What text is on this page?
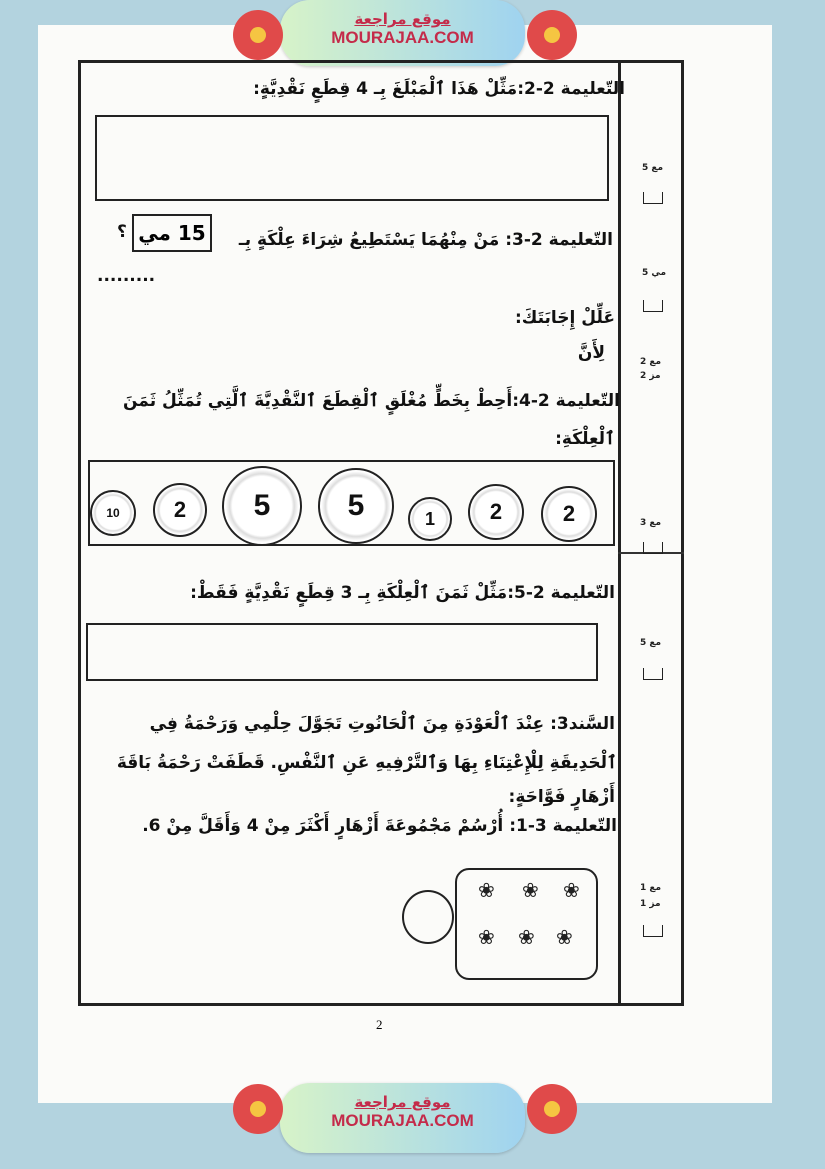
موقع مراجعة
MOURAJAA.COM
التّعليمة 2-2:مَثِّلْ هَذَا ٱلْمَبْلَغَ بِـ 4 قِطَعٍ نَقْدِيَّةٍ:
التّعليمة 2-3: مَنْ مِنْهُمَا يَسْتَطِيعُ شِرَاءَ عِلْكَةٍ بِـ
15 مي
؟
.........
عَلِّلْ إِجَابَتَكَ:
لِأَنَّ
التّعليمة 2-4:أَحِطْ بِخَطٍّ مُغْلَقٍ ٱلْقِطَعَ ٱلنَّقْدِيَّةَ ٱلَّتِي تُمَثِّلُ ثَمَنَ
ٱلْعِلْكَةِ:
10	2	5	5	1	2	2
التّعليمة 2-5:مَثِّلْ ثَمَنَ ٱلْعِلْكَةِ بِـ 3 قِطَعٍ نَقْدِيَّةٍ فَقَطْ:
السَّند3: عِنْدَ ٱلْعَوْدَةِ مِنَ ٱلْحَانُوتِ تَجَوَّلَ حِلْمِي وَرَحْمَةُ فِي
ٱلْحَدِيقَةِ لِلْإِعْتِنَاءِ بِهَا وَٱلتَّرْفِيهِ عَنِ ٱلنَّفْسِ. قَطَفَتْ رَحْمَةُ بَاقَةَ
أَزْهَارٍ فَوَّاحَةٍ:
التّعليمة 3-1: أُرْسُمْ مَجْمُوعَةَ أَزْهَارٍ أَكْثَرَ مِنْ 4 وَأَقَلَّ مِنْ 6.
❀ ❀ ❀
❀ ❀ ❀
مع 5
مي 5
مع 2
مز 2
مع 3
مع 5
مع 1
مز 1
2
موقع مراجعة
MOURAJAA.COM
